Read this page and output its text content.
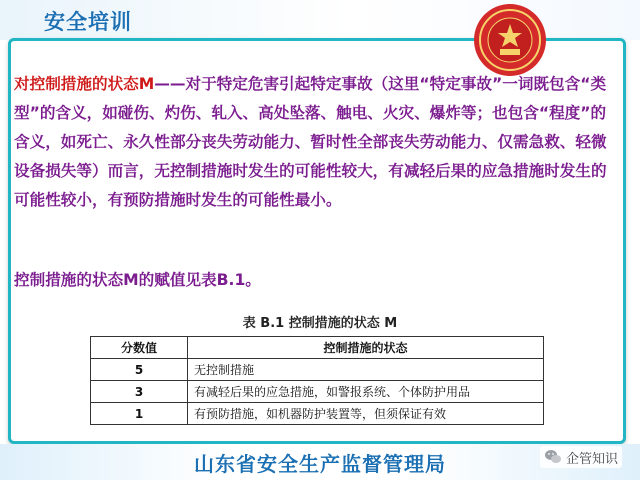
安全培训

对控制措施的状态M——对于特定危害引起特定事故（这里“特定事故”一词既包含“类型”的含义，如碰伤、灼伤、轧入、高处坠落、触电、火灾、爆炸等；也包含“程度”的含义，如死亡、永久性部分丧失劳动能力、暂时性全部丧失劳动能力、仅需急救、轻微设备损失等）而言，无控制措施时发生的可能性较大，有减轻后果的应急措施时发生的可能性较小，有预防措施时发生的可能性最小。

控制措施的状态M的赋值见表B.1。

表 B.1 控制措施的状态 M
分数值	控制措施的状态
5	无控制措施
3	有减轻后果的应急措施，如警报系统、个体防护用品
1	有预防措施，如机器防护装置等，但须保证有效
山东省安全生产监督管理局	企管知识
